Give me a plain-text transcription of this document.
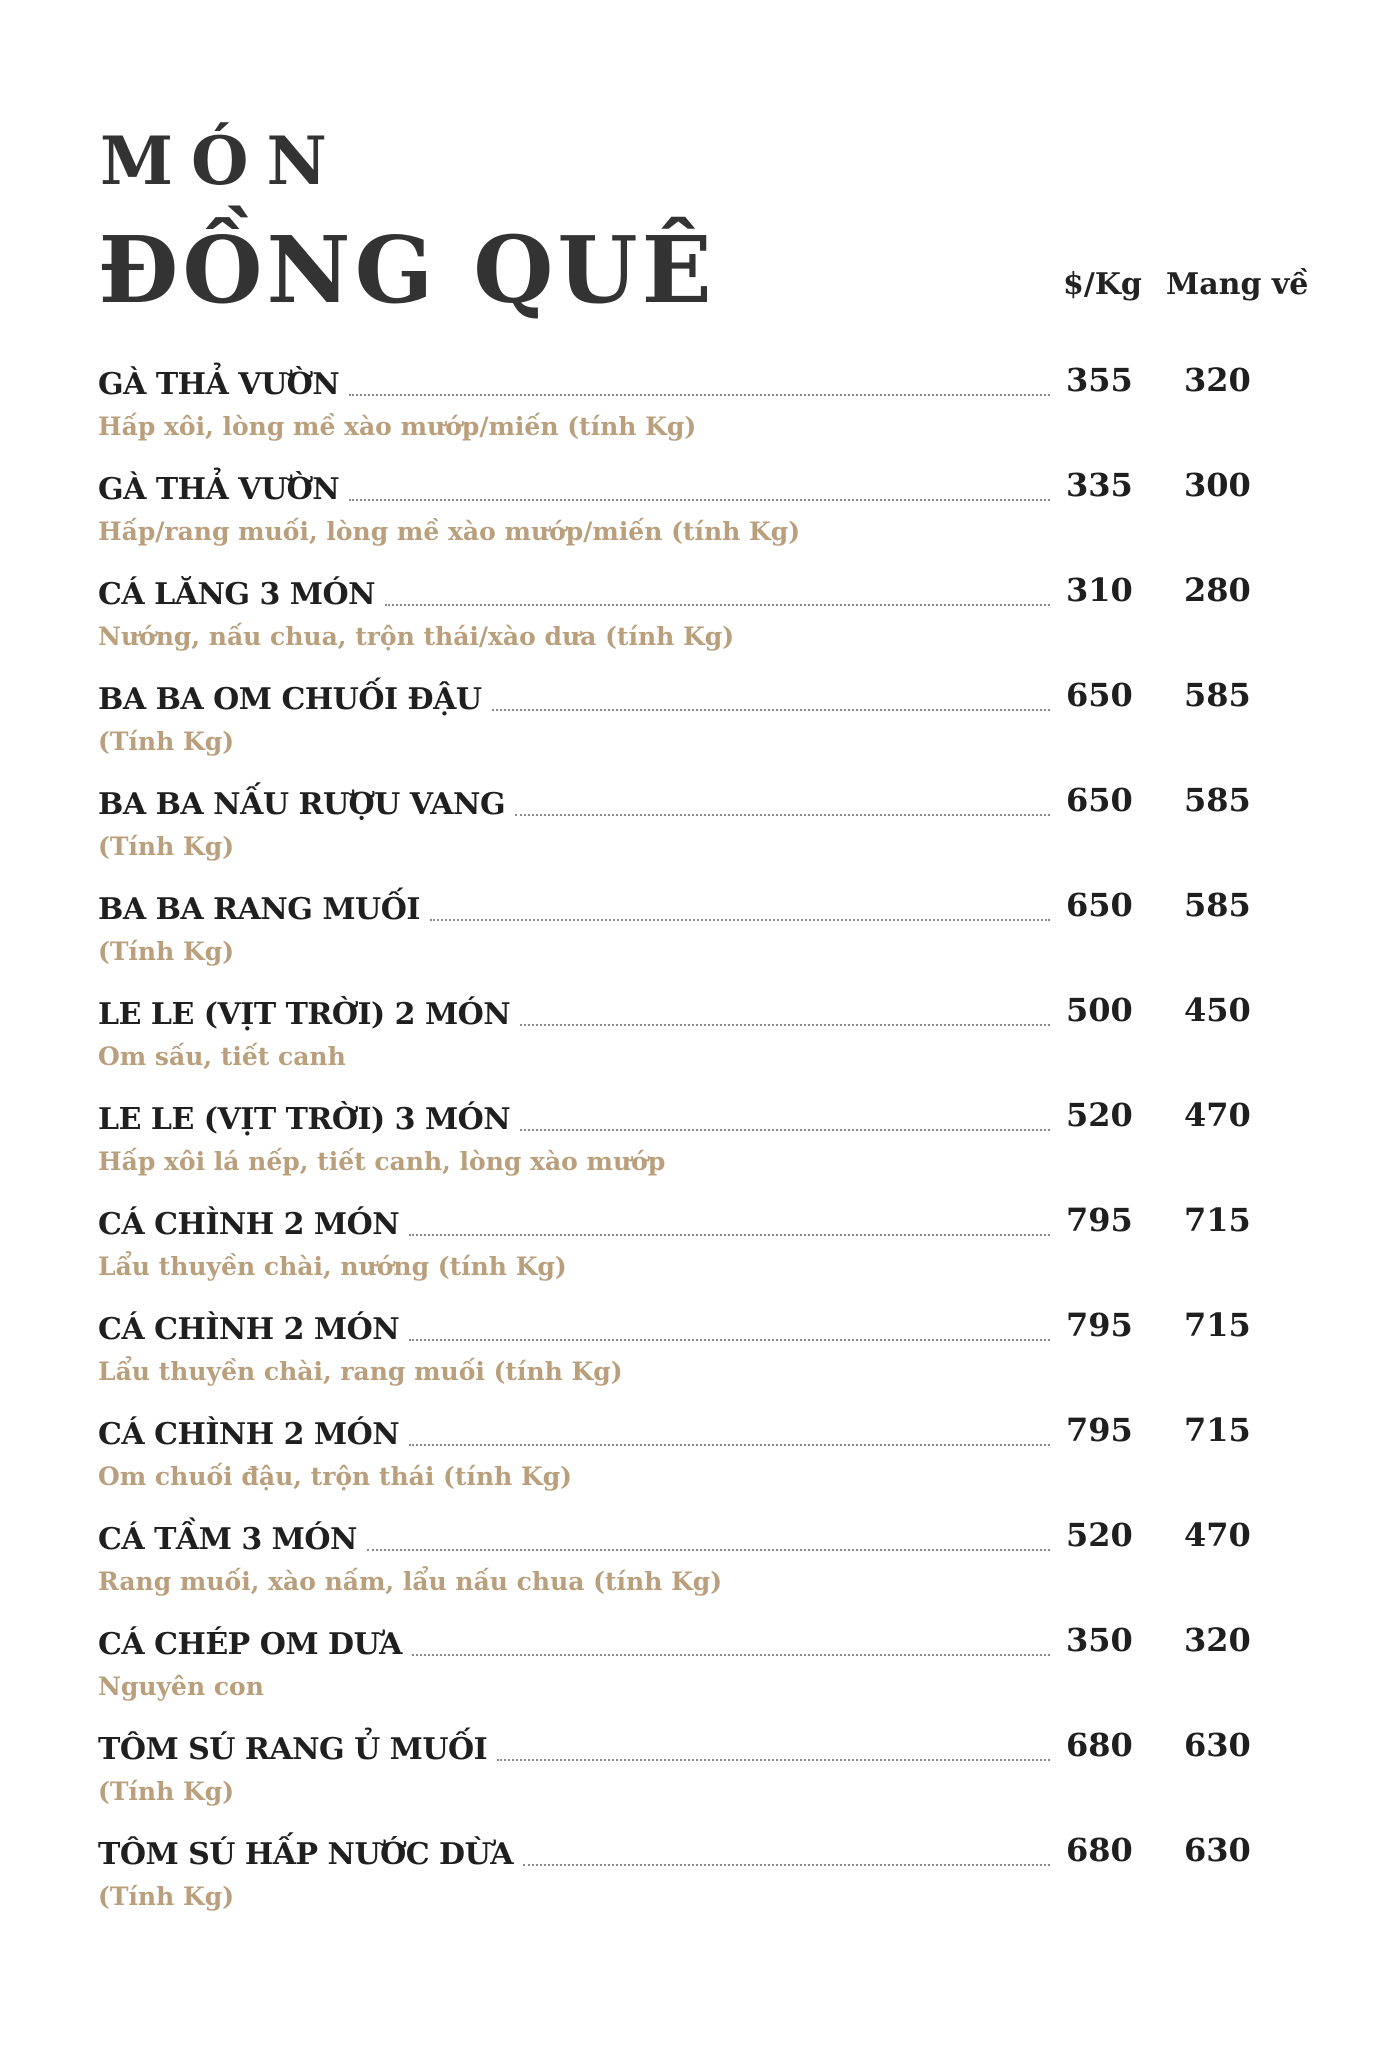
MÓN
ĐỒNG QUÊ	$/Kg Mang về
GÀ THẢ VƯỜN	355 320
Hấp xôi, lòng mề xào mướp/miến (tính Kg)
GÀ THẢ VƯỜN	335 300
Hấp/rang muối, lòng mề xào mướp/miến (tính Kg)
CÁ LĂNG 3 MÓN	310 280
Nướng, nấu chua, trộn thái/xào dưa (tính Kg)
BA BA OM CHUỐI ĐẬU	650 585
(Tính Kg)
BA BA NẤU RƯỢU VANG	650 585
(Tính Kg)
BA BA RANG MUỐI	650 585
(Tính Kg)
LE LE (VỊT TRỜI) 2 MÓN	500 450
Om sấu, tiết canh
LE LE (VỊT TRỜI) 3 MÓN	520 470
Hấp xôi lá nếp, tiết canh, lòng xào mướp
CÁ CHÌNH 2 MÓN	795 715
Lẩu thuyền chài, nướng (tính Kg)
CÁ CHÌNH 2 MÓN	795 715
Lẩu thuyền chài, rang muối (tính Kg)
CÁ CHÌNH 2 MÓN	795 715
Om chuối đậu, trộn thái (tính Kg)
CÁ TẦM 3 MÓN	520 470
Rang muối, xào nấm, lẩu nấu chua (tính Kg)
CÁ CHÉP OM DƯA	350 320
Nguyên con
TÔM SÚ RANG Ủ MUỐI	680 630
(Tính Kg)
TÔM SÚ HẤP NƯỚC DỪA	680 630
(Tính Kg)
